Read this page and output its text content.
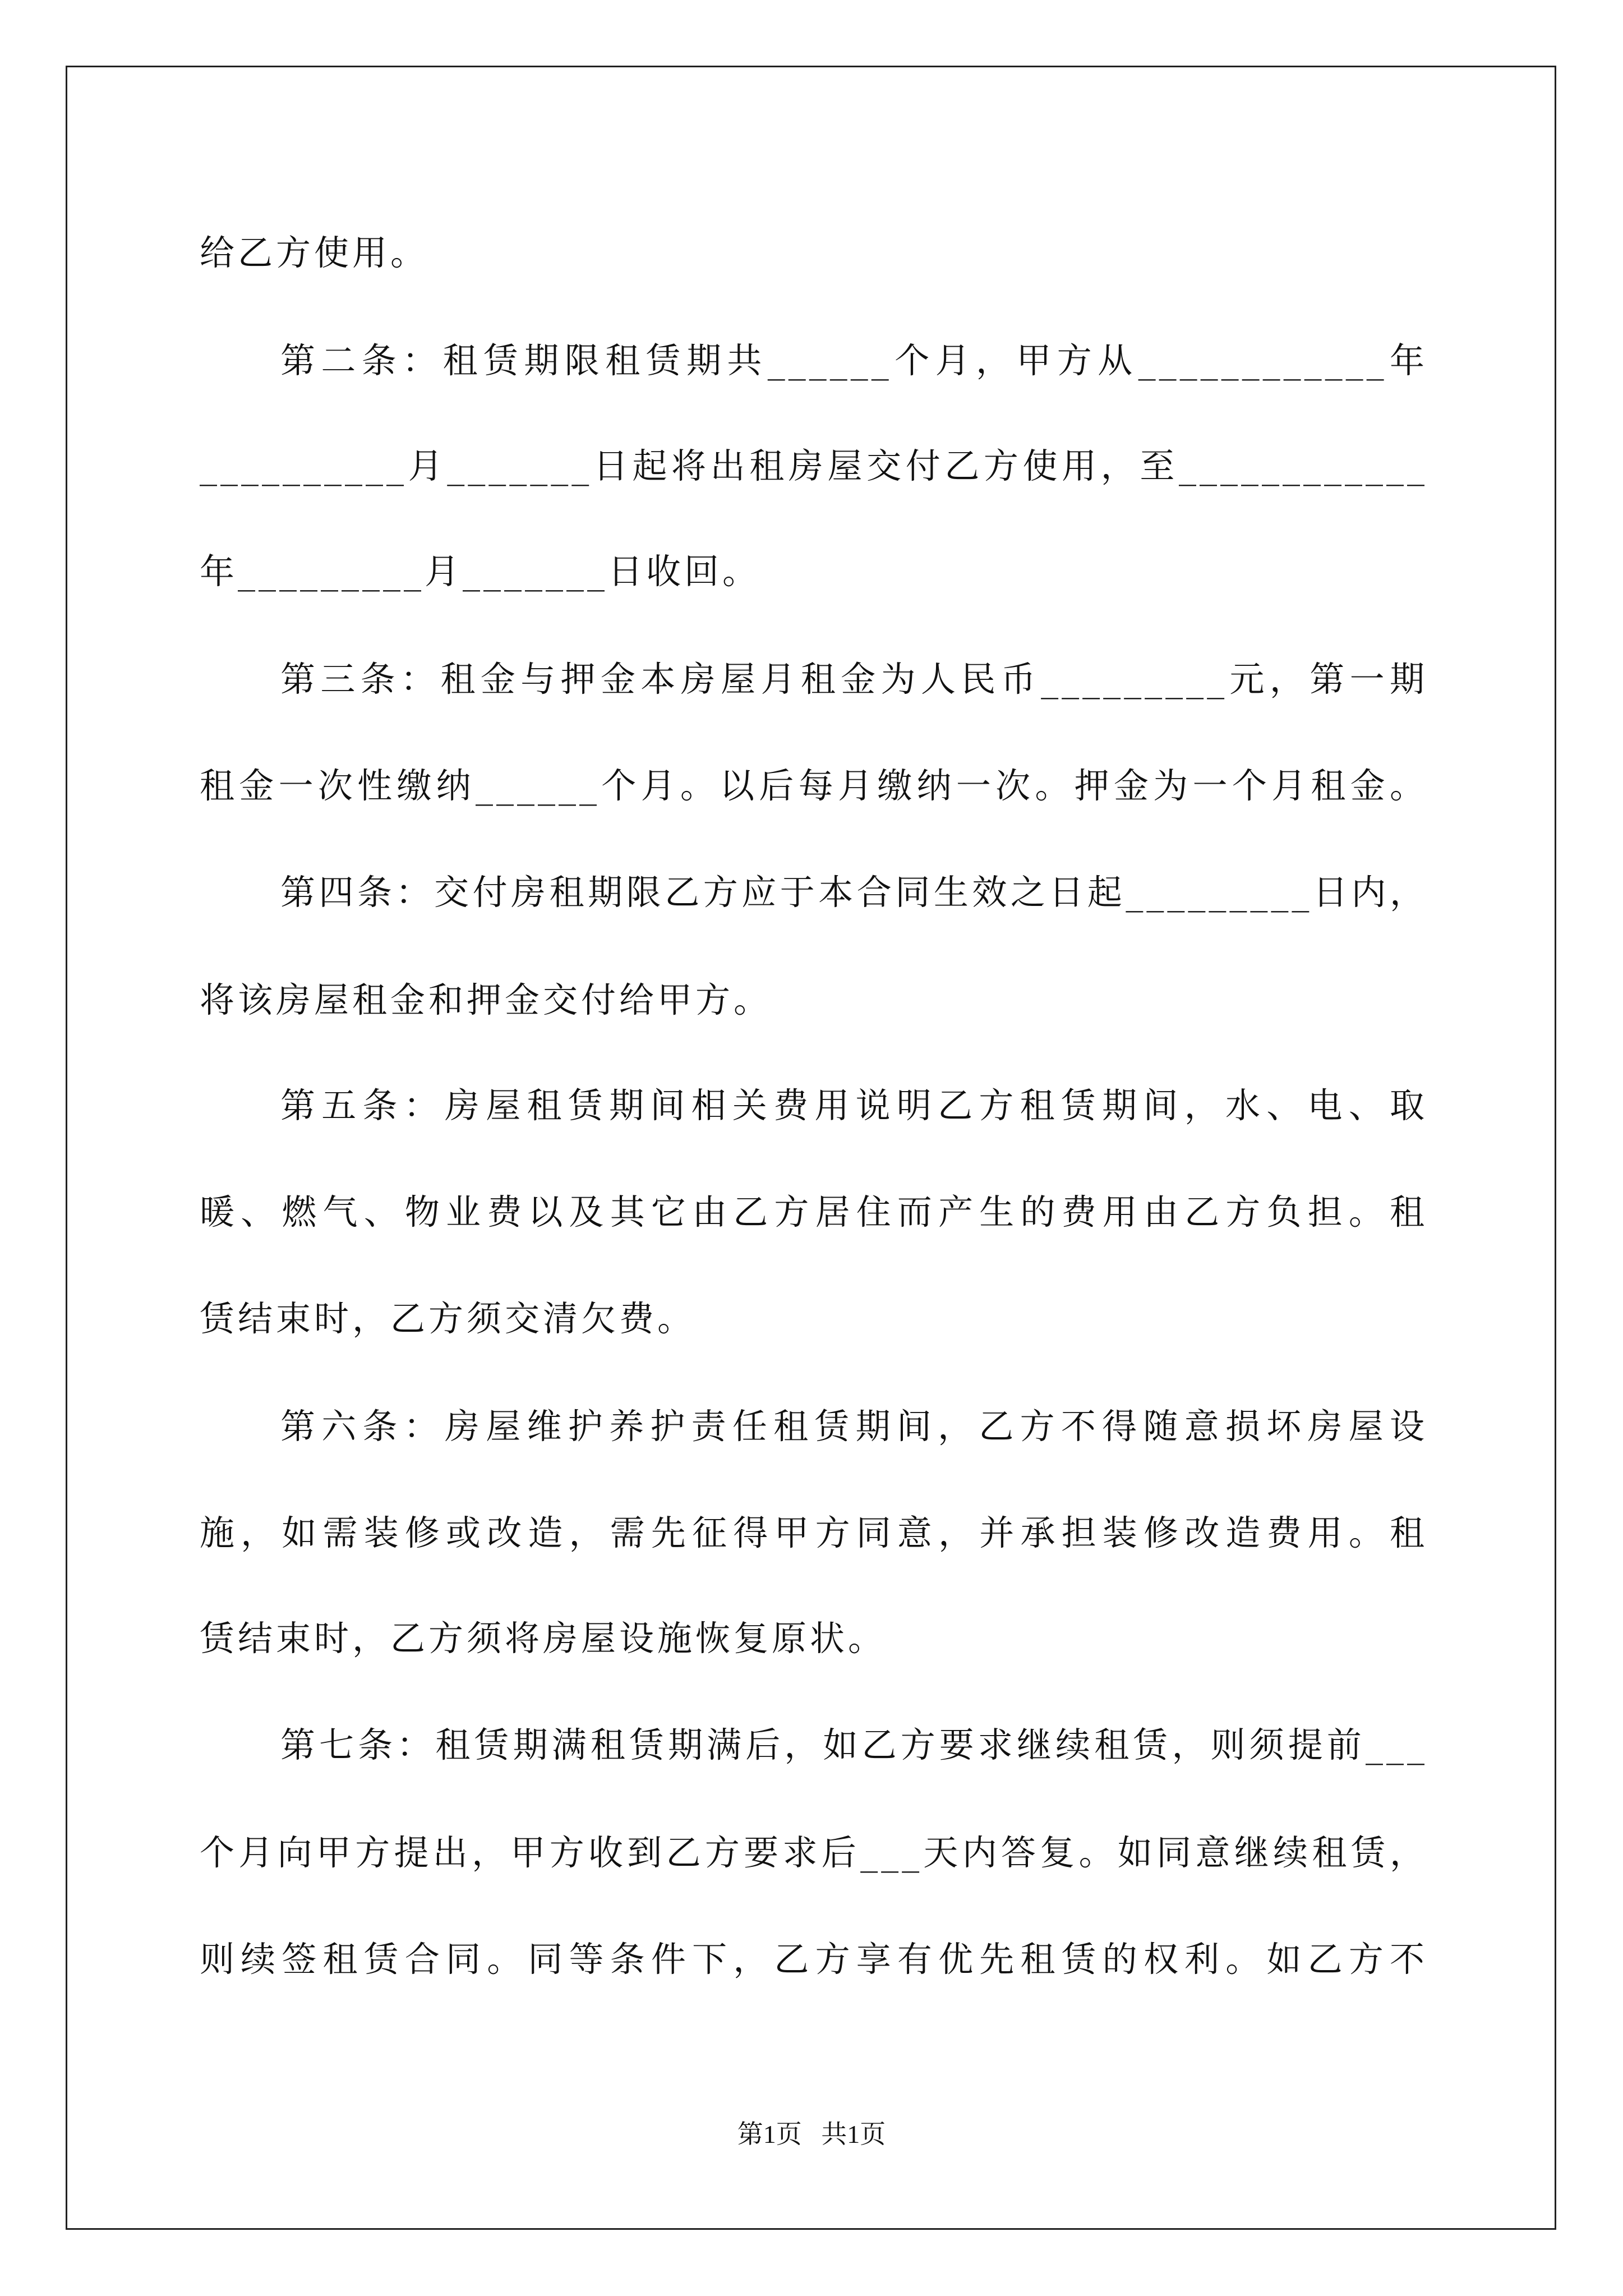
给乙方使用。
第二条：租赁期限租赁期共______个月，甲方从____________年
__________月_______日起将出租房屋交付乙方使用，至____________
年_________月_______日收回。
第三条：租金与押金本房屋月租金为人民币_________元，第一期
租金一次性缴纳______个月。以后每月缴纳一次。押金为一个月租金。
第四条：交付房租期限乙方应于本合同生效之日起_________日内，
将该房屋租金和押金交付给甲方。
第五条：房屋租赁期间相关费用说明乙方租赁期间，水、电、取
暖、燃气、物业费以及其它由乙方居住而产生的费用由乙方负担。租
赁结束时，乙方须交清欠费。
第六条：房屋维护养护责任租赁期间，乙方不得随意损坏房屋设
施，如需装修或改造，需先征得甲方同意，并承担装修改造费用。租
赁结束时，乙方须将房屋设施恢复原状。
第七条：租赁期满租赁期满后，如乙方要求继续租赁，则须提前___
个月向甲方提出，甲方收到乙方要求后___天内答复。如同意继续租赁，
则续签租赁合同。同等条件下，乙方享有优先租赁的权利。如乙方不
第1页   共1页
